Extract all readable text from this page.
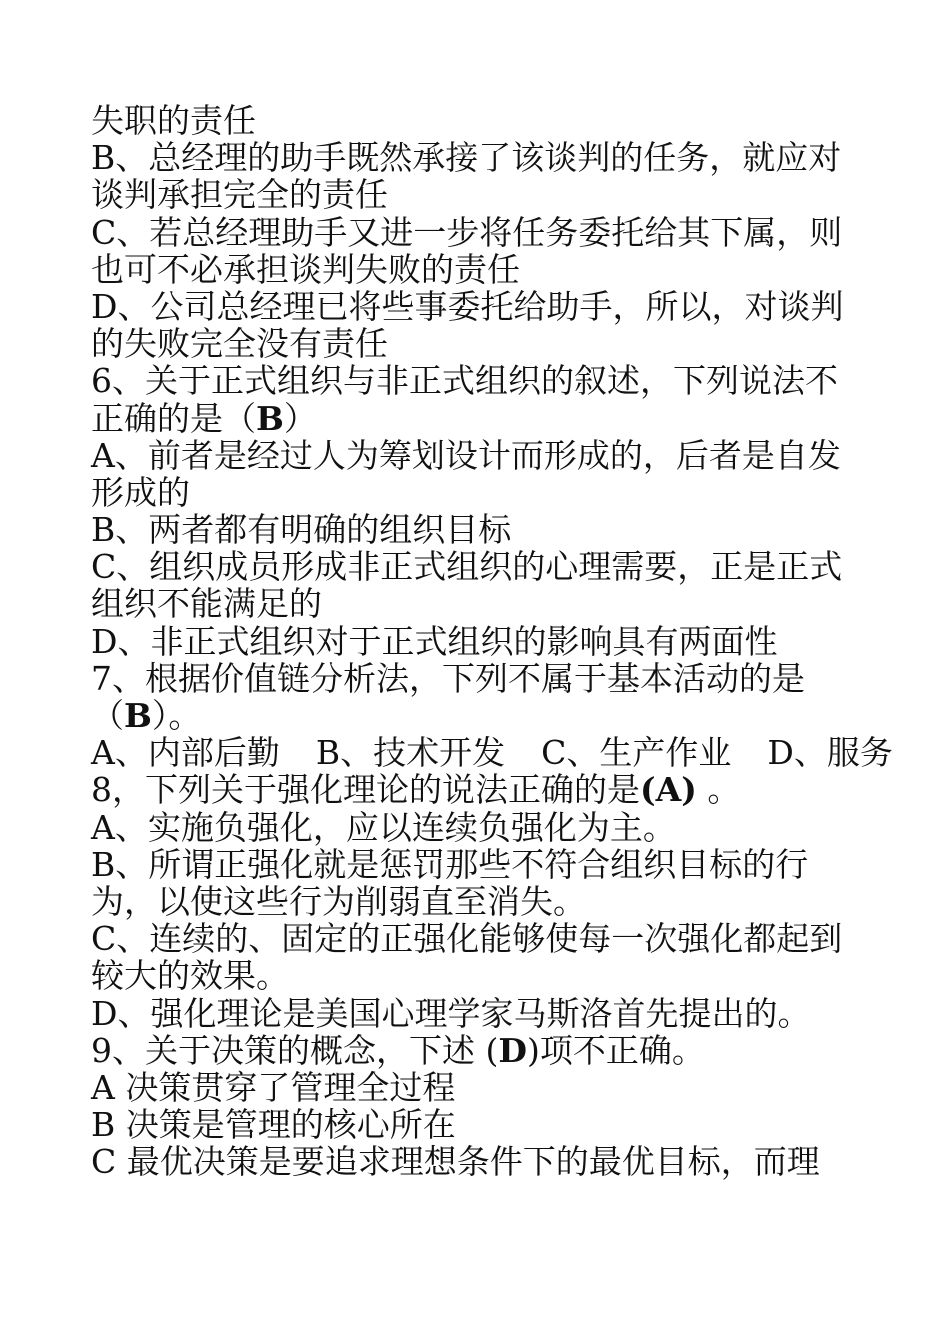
失职的责任
B、总经理的助手既然承接了该谈判的任务，就应对
谈判承担完全的责任
C、若总经理助手又进一步将任务委托给其下属，则
也可不必承担谈判失败的责任
D、公司总经理已将些事委托给助手，所以，对谈判
的失败完全没有责任
6、关于正式组织与非正式组织的叙述，下列说法不
正确的是（B）
A、前者是经过人为筹划设计而形成的，后者是自发
形成的
B、两者都有明确的组织目标
C、组织成员形成非正式组织的心理需要，正是正式
组织不能满足的
D、非正式组织对于正式组织的影响具有两面性
7、根据价值链分析法，下列不属于基本活动的是
（B）。
A、内部后勤 B、技术开发 C、生产作业 D、服务
8，下列关于强化理论的说法正确的是(A) 。
A、实施负强化，应以连续负强化为主。
B、所谓正强化就是惩罚那些不符合组织目标的行
为，以使这些行为削弱直至消失。
C、连续的、固定的正强化能够使每一次强化都起到
较大的效果。
D、强化理论是美国心理学家马斯洛首先提出的。
9、关于决策的概念，下述 (D)项不正确。
A 决策贯穿了管理全过程
B 决策是管理的核心所在
C 最优决策是要追求理想条件下的最优目标，而理
